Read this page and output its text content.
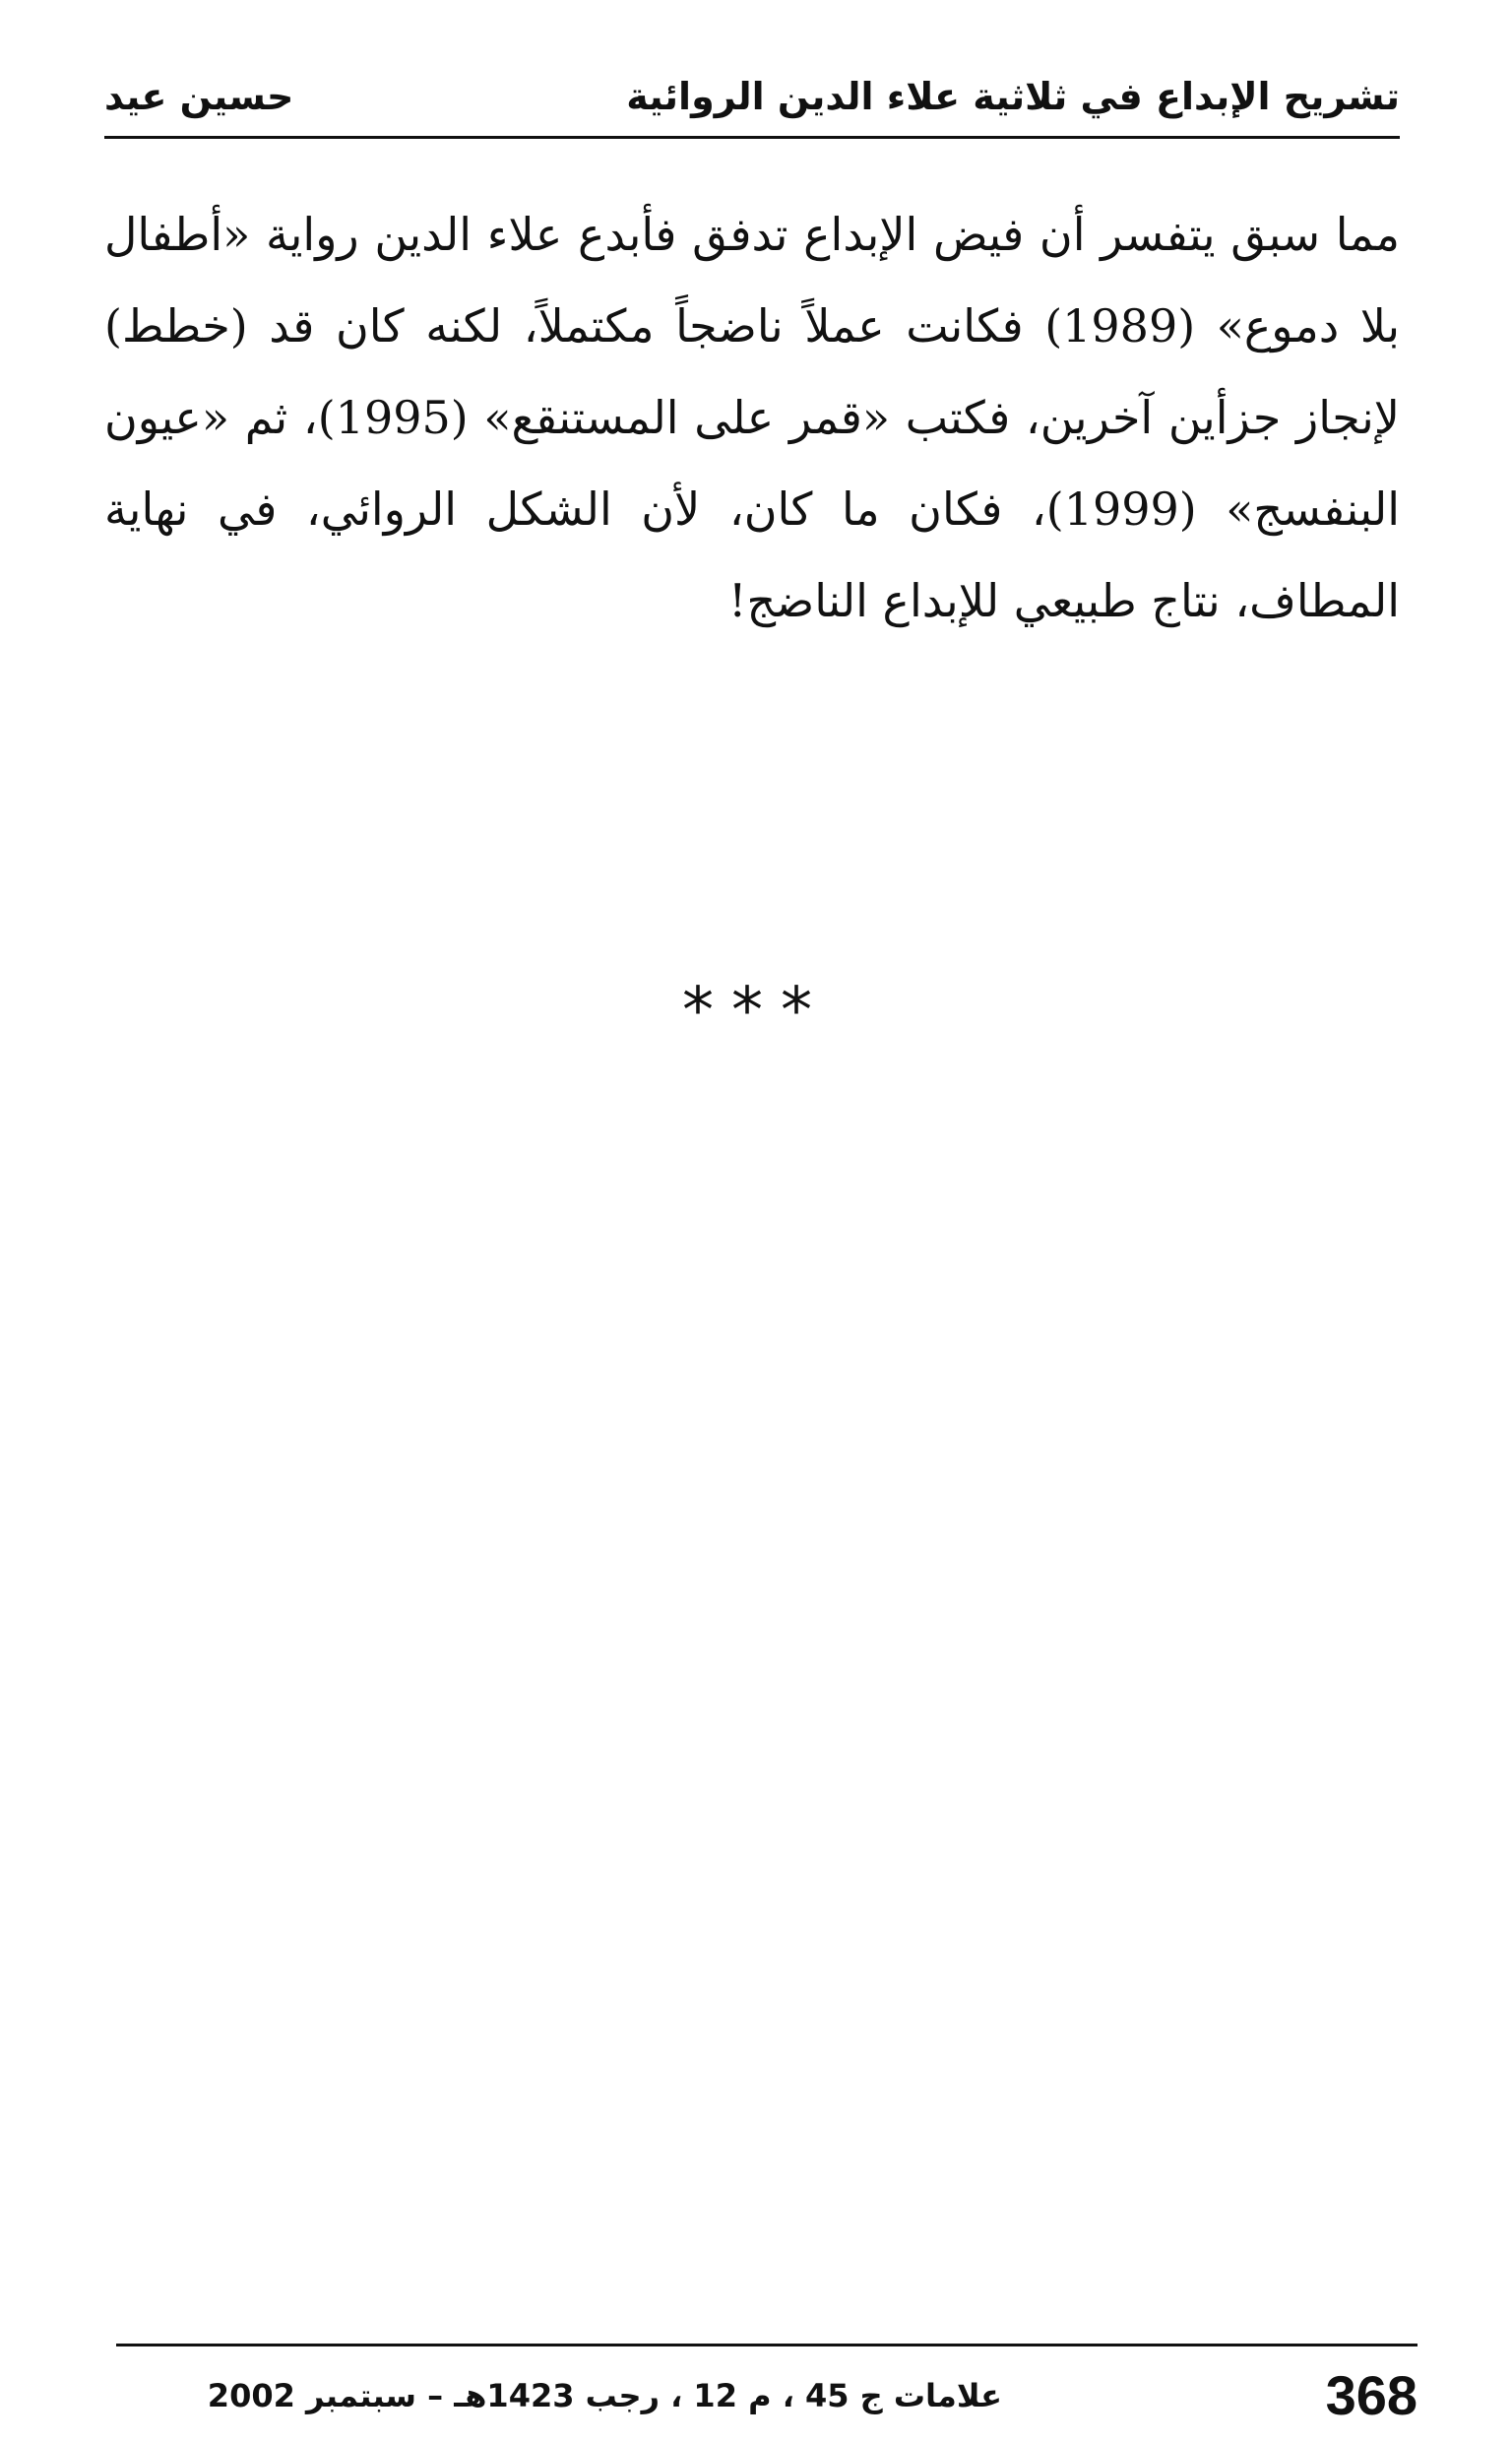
تشريح الإبداع في ثلاثية علاء الدين الروائية
حسين عيد
مما سبق يتفسر أن فيض الإبداع تدفق فأبدع علاء الدين رواية «أطفال بلا دموع» (1989) فكانت عملاً ناضجاً مكتملاً، لكنه كان قد (خطط) لإنجاز جزأين آخرين، فكتب «قمر على المستنقع» (1995)، ثم «عيون البنفسج» (1999)، فكان ما كان، لأن الشكل الروائي، في نهاية المطاف، نتاج طبيعي للإبداع الناضج!
***
368
علامات ج 45 ، م 12 ، رجب 1423هـ – سبتمبر 2002
